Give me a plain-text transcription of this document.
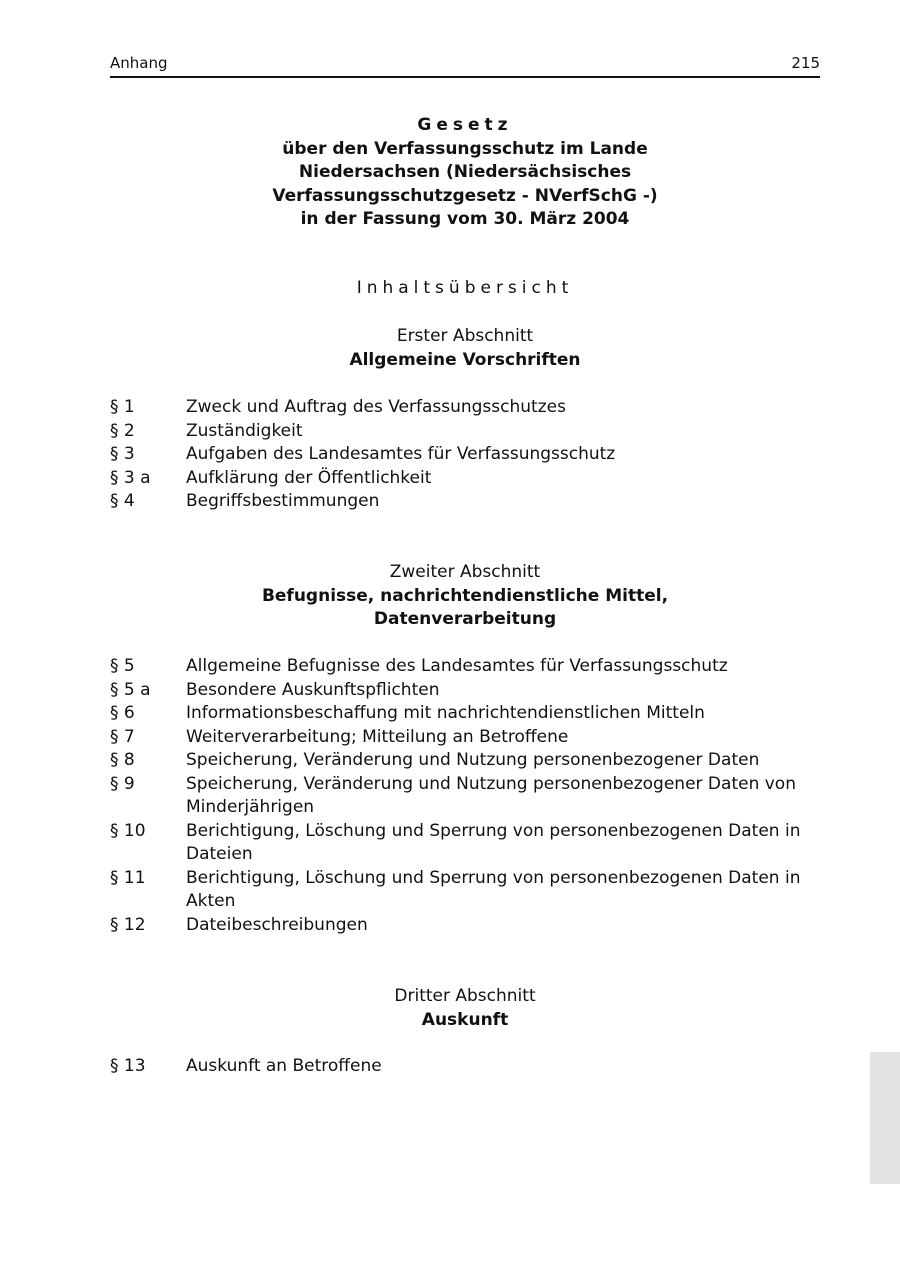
Anhang	215
Gesetz
über den Verfassungsschutz im Lande
Niedersachsen (Niedersächsisches
Verfassungsschutzgesetz - NVerfSchG -)
in der Fassung vom 30. März 2004
Inhaltsübersicht
Erster Abschnitt
Allgemeine Vorschriften
§ 1	Zweck und Auftrag des Verfassungsschutzes
§ 2	Zuständigkeit
§ 3	Aufgaben des Landesamtes für Verfassungsschutz
§ 3 a	Aufklärung der Öffentlichkeit
§ 4	Begriffsbestimmungen
Zweiter Abschnitt
Befugnisse, nachrichtendienstliche Mittel,
Datenverarbeitung
§ 5	Allgemeine Befugnisse des Landesamtes für Verfassungsschutz
§ 5 a	Besondere Auskunftspflichten
§ 6	Informationsbeschaffung mit nachrichtendienstlichen Mitteln
§ 7	Weiterverarbeitung; Mitteilung an Betroffene
§ 8	Speicherung, Veränderung und Nutzung personenbezogener Daten
§ 9	Speicherung, Veränderung und Nutzung personenbezogener Daten von Minderjährigen
§ 10	Berichtigung, Löschung und Sperrung von personenbezogenen Daten in Dateien
§ 11	Berichtigung, Löschung und Sperrung von personenbezogenen Daten in Akten
§ 12	Dateibeschreibungen
Dritter Abschnitt
Auskunft
§ 13	Auskunft an Betroffene
